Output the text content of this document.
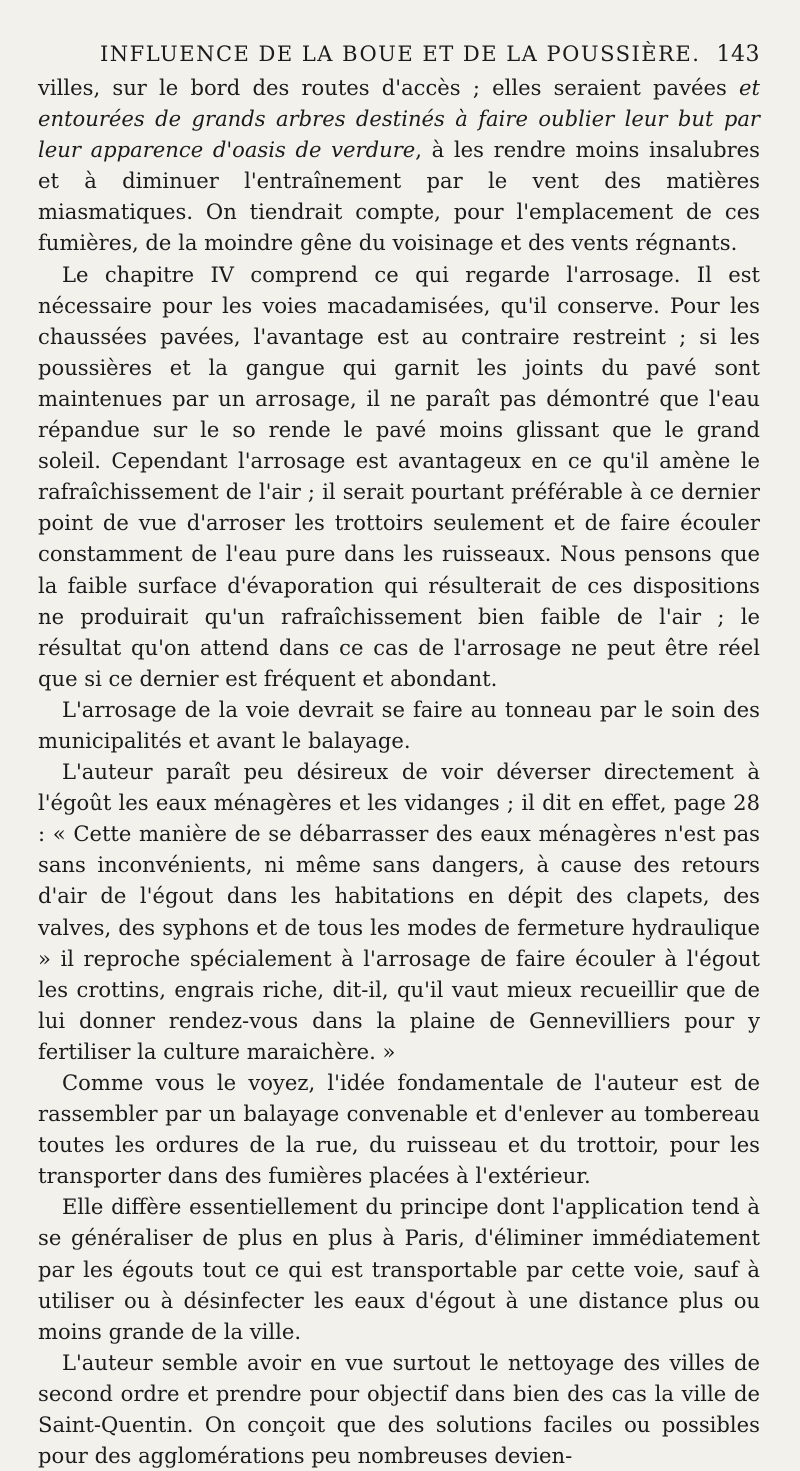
INFLUENCE DE LA BOUE ET DE LA POUSSIÈRE. 143

villes, sur le bord des routes d'accès ; elles seraient pavées et entourées de grands arbres destinés à faire oublier leur but par leur apparence d'oasis de verdure, à les rendre moins insalubres et à diminuer l'entraînement par le vent des matières miasmatiques. On tiendrait compte, pour l'emplacement de ces fumières, de la moindre gêne du voisinage et des vents régnants.

Le chapitre IV comprend ce qui regarde l'arrosage. Il est nécessaire pour les voies macadamisées, qu'il conserve. Pour les chaussées pavées, l'avantage est au contraire restreint ; si les poussières et la gangue qui garnit les joints du pavé sont maintenues par un arrosage, il ne paraît pas démontré que l'eau répandue sur le so rende le pavé moins glissant que le grand soleil. Cependant l'arrosage est avantageux en ce qu'il amène le rafraîchissement de l'air ; il serait pourtant préférable à ce dernier point de vue d'arroser les trottoirs seulement et de faire écouler constamment de l'eau pure dans les ruisseaux. Nous pensons que la faible surface d'évaporation qui résulterait de ces dispositions ne produirait qu'un rafraîchissement bien faible de l'air ; le résultat qu'on attend dans ce cas de l'arrosage ne peut être réel que si ce dernier est fréquent et abondant.

L'arrosage de la voie devrait se faire au tonneau par le soin des municipalités et avant le balayage.

L'auteur paraît peu désireux de voir déverser directement à l'égoût les eaux ménagères et les vidanges ; il dit en effet, page 28 : « Cette manière de se débarrasser des eaux ménagères n'est pas sans inconvénients, ni même sans dangers, à cause des retours d'air de l'égout dans les habitations en dépit des clapets, des valves, des syphons et de tous les modes de fermeture hydraulique » il reproche spécialement à l'arrosage de faire écouler à l'égout les crottins, engrais riche, dit-il, qu'il vaut mieux recueillir que de lui donner rendez-vous dans la plaine de Gennevilliers pour y fertiliser la culture maraichère. »

Comme vous le voyez, l'idée fondamentale de l'auteur est de rassembler par un balayage convenable et d'enlever au tombereau toutes les ordures de la rue, du ruisseau et du trottoir, pour les transporter dans des fumières placées à l'extérieur.

Elle diffère essentiellement du principe dont l'application tend à se généraliser de plus en plus à Paris, d'éliminer immédiatement par les égouts tout ce qui est transportable par cette voie, sauf à utiliser ou à désinfecter les eaux d'égout à une distance plus ou moins grande de la ville.

L'auteur semble avoir en vue surtout le nettoyage des villes de second ordre et prendre pour objectif dans bien des cas la ville de Saint-Quentin. On conçoit que des solutions faciles ou possibles pour des agglomérations peu nombreuses devien-
